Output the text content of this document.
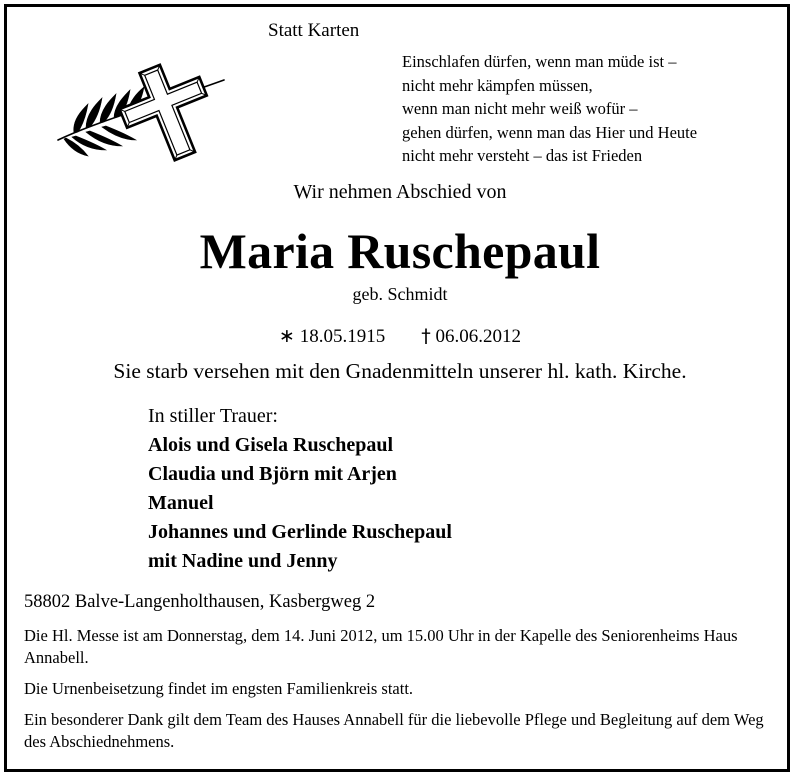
Statt Karten
Einschlafen dürfen, wenn man müde ist –
nicht mehr kämpfen müssen,
wenn man nicht mehr weiß wofür –
gehen dürfen, wenn man das Hier und Heute
nicht mehr versteht – das ist Frieden
Wir nehmen Abschied von
Maria Ruschepaul
geb. Schmidt
∗ 18.05.1915 † 06.06.2012
Sie starb versehen mit den Gnadenmitteln unserer hl. kath. Kirche.
In stiller Trauer:
Alois und Gisela Ruschepaul
Claudia und Björn mit Arjen
Manuel
Johannes und Gerlinde Ruschepaul
mit Nadine und Jenny
58802 Balve-Langenholthausen, Kasbergweg 2
Die Hl. Messe ist am Donnerstag, dem 14. Juni 2012, um 15.00 Uhr in der Kapelle des Seniorenheims Haus Annabell.
Die Urnenbeisetzung findet im engsten Familienkreis statt.
Ein besonderer Dank gilt dem Team des Hauses Annabell für die liebevolle Pflege und Begleitung auf dem Weg des Abschiednehmens.
